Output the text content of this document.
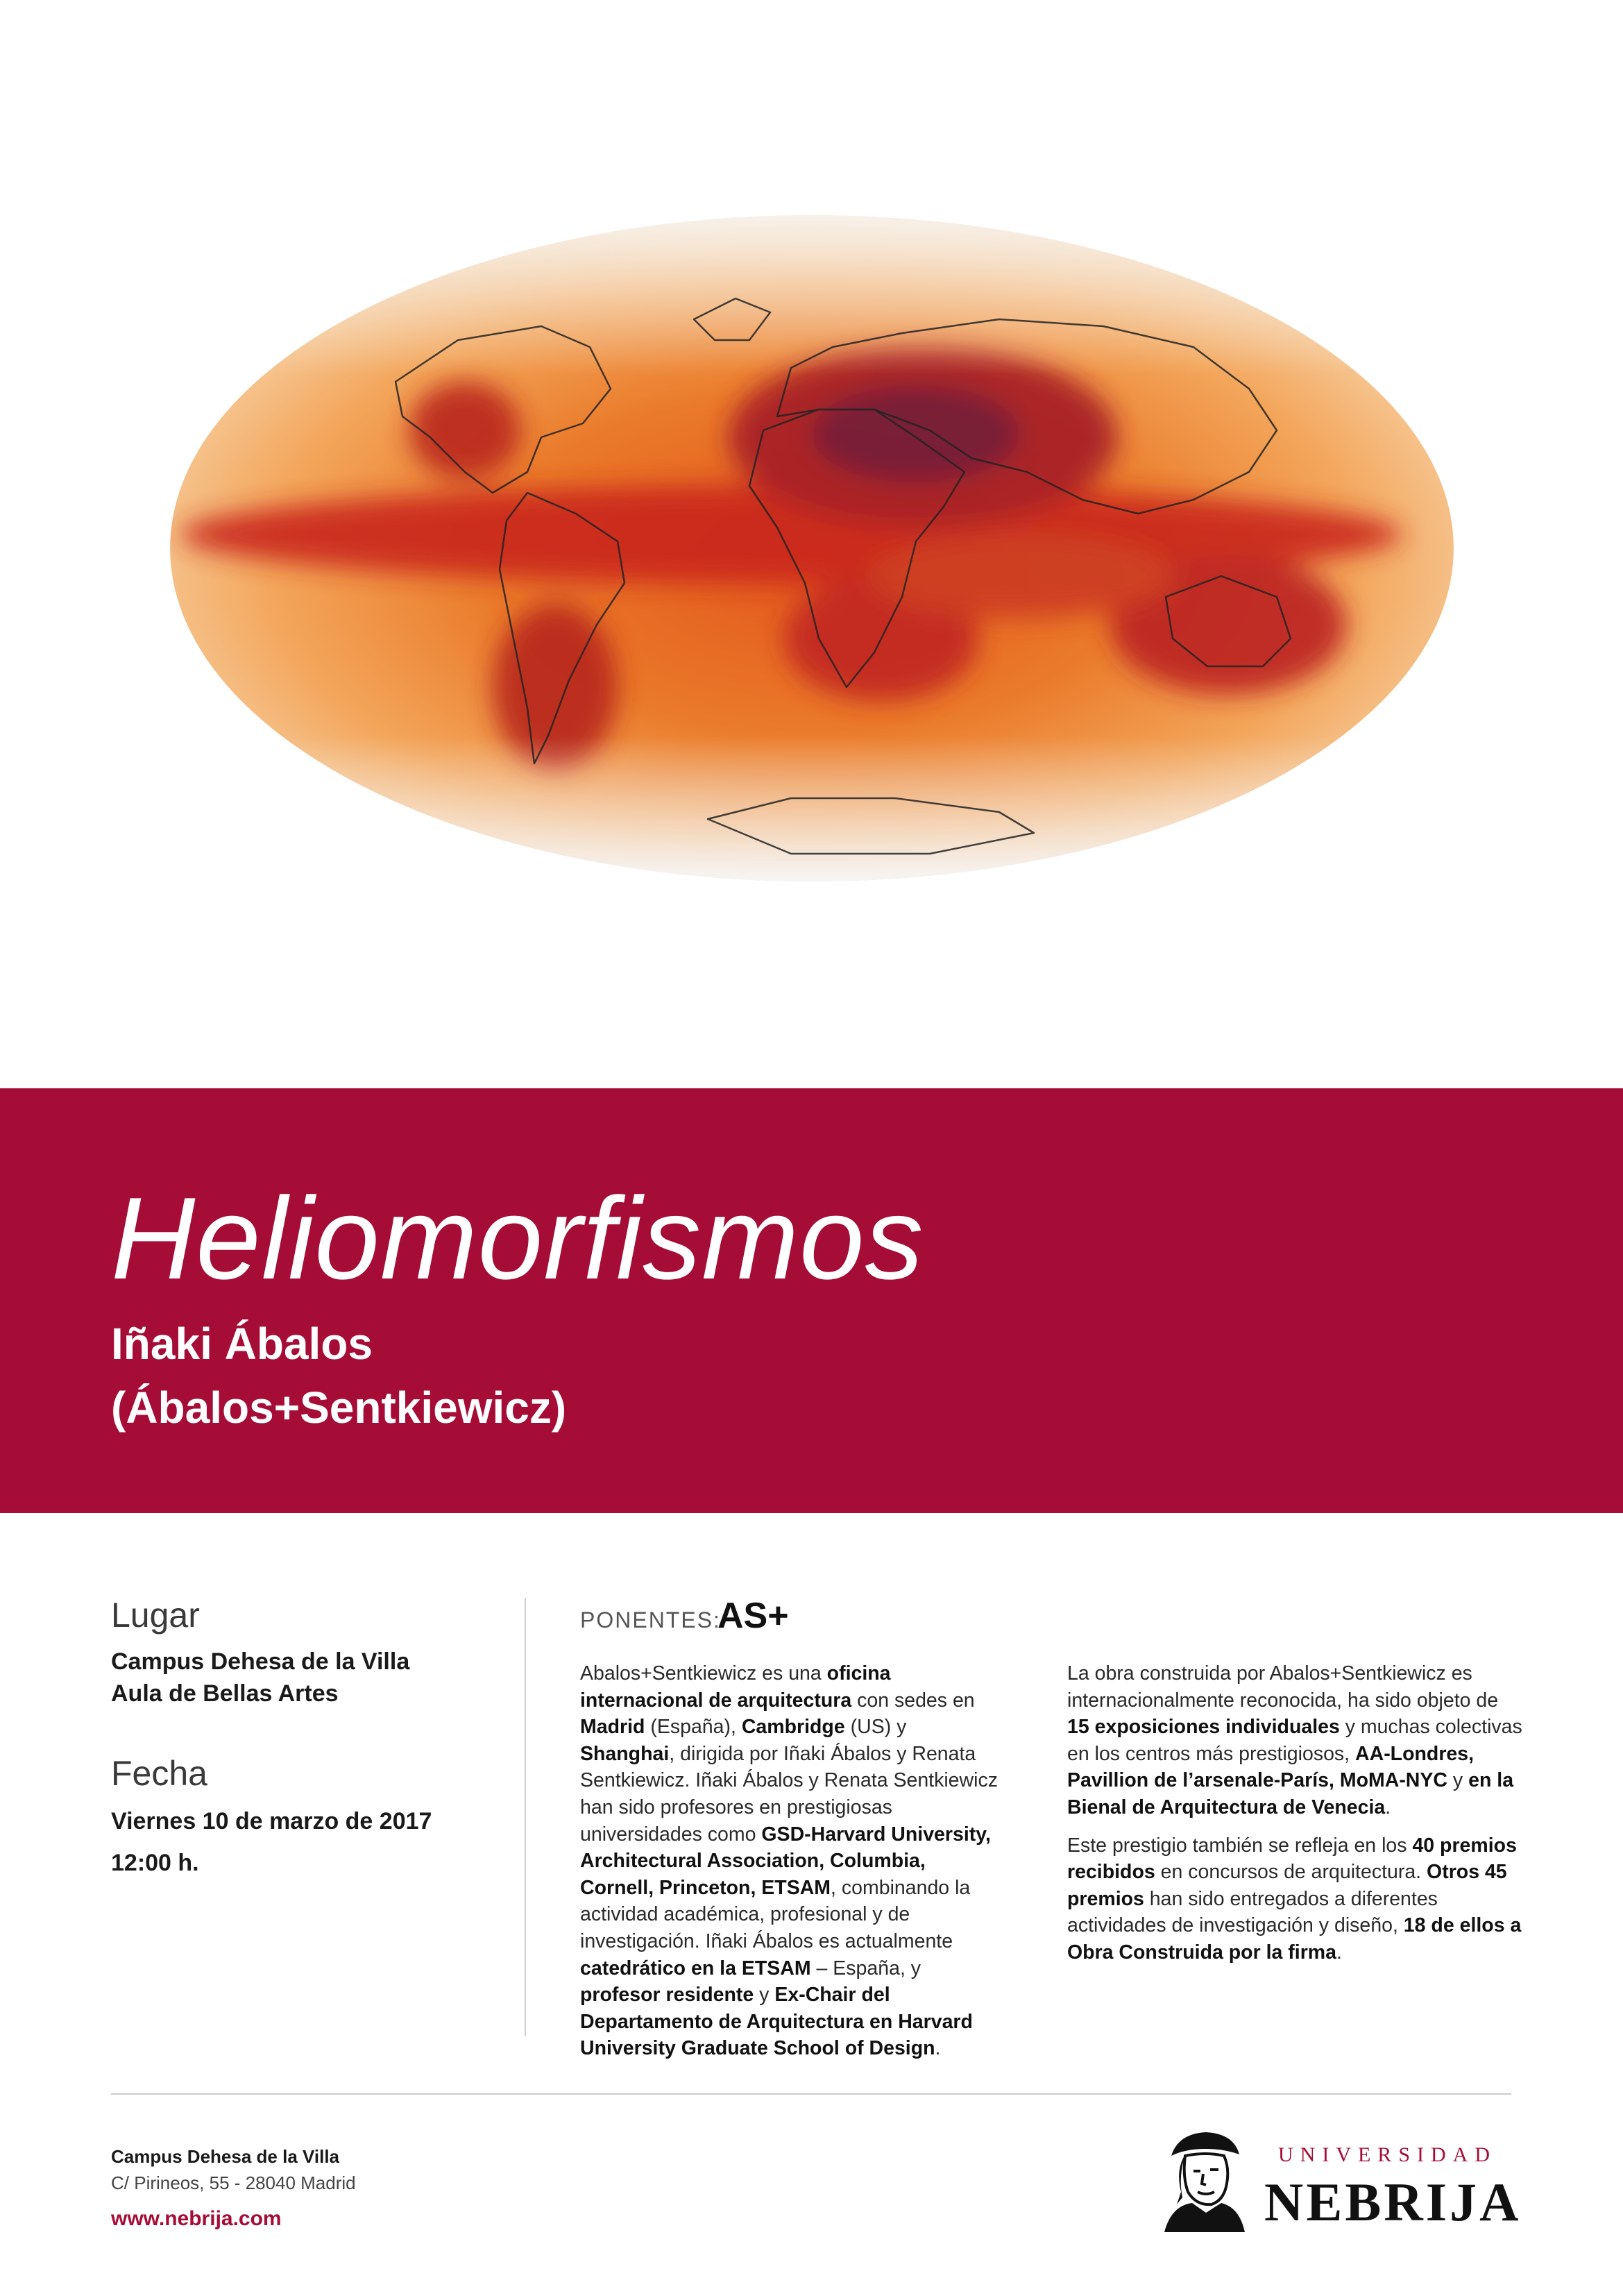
Heliomorfismos
Iñaki Ábalos
(Ábalos+Sentkiewicz)
Lugar
Campus Dehesa de la Villa
Aula de Bellas Artes
Fecha
Viernes 10 de marzo de 2017
12:00 h.
PONENTES:
AS+

Abalos+Sentkiewicz es una oficina internacional de arquitectura con sedes en Madrid (España), Cambridge (US) y Shanghai, dirigida por Iñaki Ábalos y Renata Sentkiewicz. Iñaki Ábalos y Renata Sentkiewicz han sido profesores en prestigiosas universidades como GSD-Harvard University, Architectural Association, Columbia, Cornell, Princeton, ETSAM, combinando la actividad académica, profesional y de investigación. Iñaki Ábalos es actualmente catedrático en la ETSAM – España, y profesor residente y Ex-Chair del Departamento de Arquitectura en Harvard University Graduate School of Design.

La obra construida por Abalos+Sentkiewicz es internacionalmente reconocida, ha sido objeto de 15 exposiciones individuales y muchas colectivas en los centros más prestigiosos, AA-Londres, Pavillion de l’arsenale-París, MoMA-NYC y en la Bienal de Arquitectura de Venecia.

Este prestigio también se refleja en los 40 premios recibidos en concursos de arquitectura. Otros 45 premios han sido entregados a diferentes actividades de investigación y diseño, 18 de ellos a Obra Construida por la firma.

Campus Dehesa de la Villa
C/ Pirineos, 55 - 28040 Madrid
www.nebrija.com
UNIVERSIDAD
NEBRIJA
